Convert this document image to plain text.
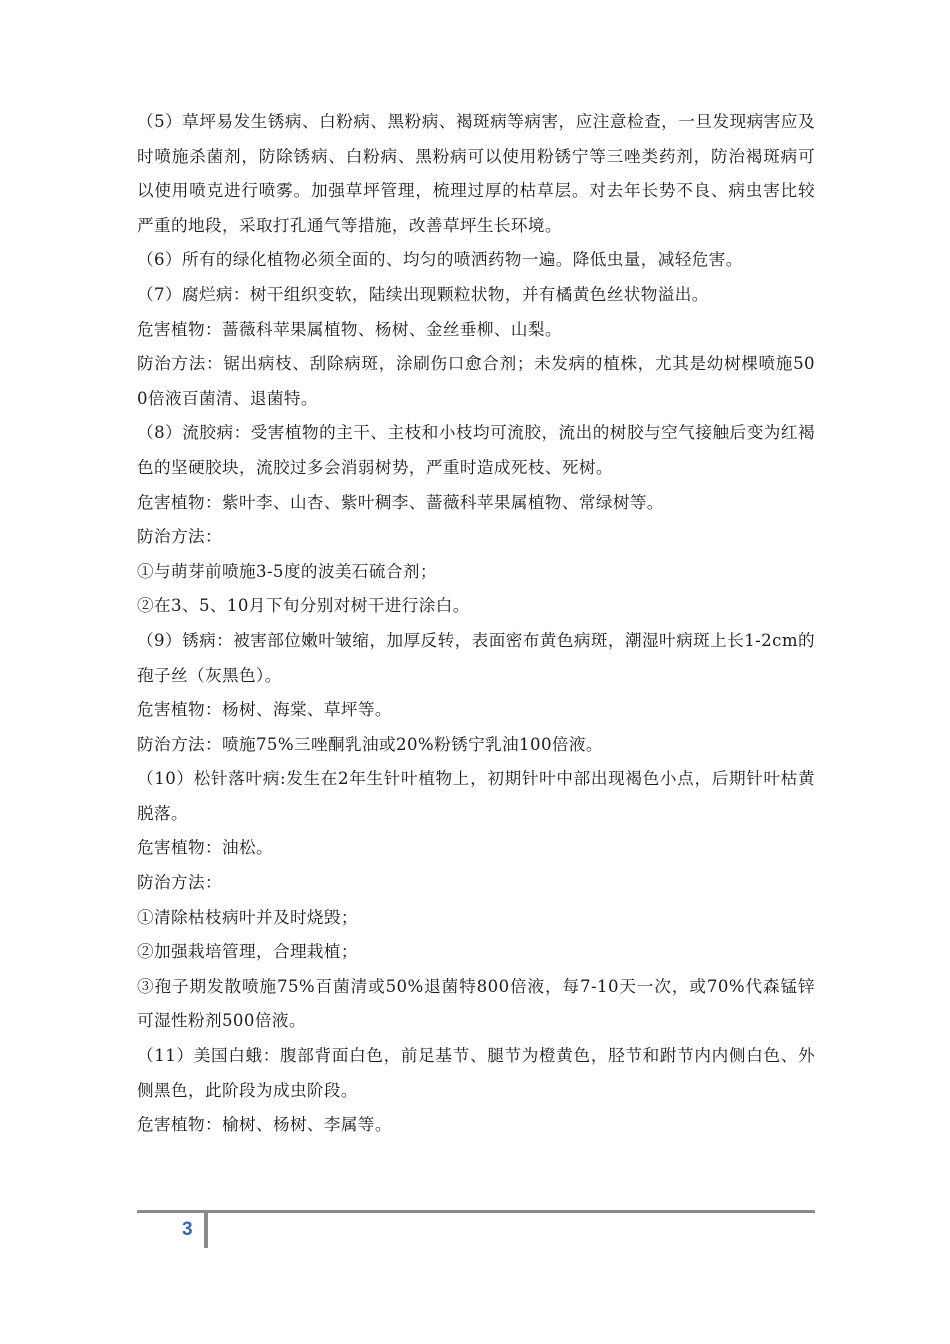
（5）草坪易发生锈病、白粉病、黑粉病、褐斑病等病害，应注意检查，一旦发现病害应及时喷施杀菌剂，防除锈病、白粉病、黑粉病可以使用粉锈宁等三唑类药剂，防治褐斑病可以使用喷克进行喷雾。加强草坪管理，梳理过厚的枯草层。对去年长势不良、病虫害比较严重的地段，采取打孔通气等措施，改善草坪生长环境。

（6）所有的绿化植物必须全面的、均匀的喷洒药物一遍。降低虫量，减轻危害。

（7）腐烂病：树干组织变软，陆续出现颗粒状物，并有橘黄色丝状物溢出。

危害植物：蔷薇科苹果属植物、杨树、金丝垂柳、山梨。

防治方法：锯出病枝、刮除病斑，涂刷伤口愈合剂；未发病的植株，尤其是幼树棵喷施500倍液百菌清、退菌特。

（8）流胶病：受害植物的主干、主枝和小枝均可流胶，流出的树胶与空气接触后变为红褐色的坚硬胶块，流胶过多会消弱树势，严重时造成死枝、死树。

危害植物：紫叶李、山杏、紫叶稠李、蔷薇科苹果属植物、常绿树等。

防治方法：

①与萌芽前喷施3-5度的波美石硫合剂；

②在3、5、10月下旬分别对树干进行涂白。

（9）锈病：被害部位嫩叶皱缩，加厚反转，表面密布黄色病斑，潮湿叶病斑上长1-2cm的孢子丝（灰黑色）。

危害植物：杨树、海棠、草坪等。

防治方法：喷施75%三唑酮乳油或20%粉锈宁乳油100倍液。

（10）松针落叶病:发生在2年生针叶植物上，初期针叶中部出现褐色小点，后期针叶枯黄脱落。

危害植物：油松。

防治方法：

①清除枯枝病叶并及时烧毁；

②加强栽培管理，合理栽植；

③孢子期发散喷施75%百菌清或50%退菌特800倍液，每7-10天一次，或70%代森锰锌可湿性粉剂500倍液。

（11）美国白蛾：腹部背面白色，前足基节、腿节为橙黄色，胫节和跗节内内侧白色、外侧黑色，此阶段为成虫阶段。

危害植物：榆树、杨树、李属等。

3
